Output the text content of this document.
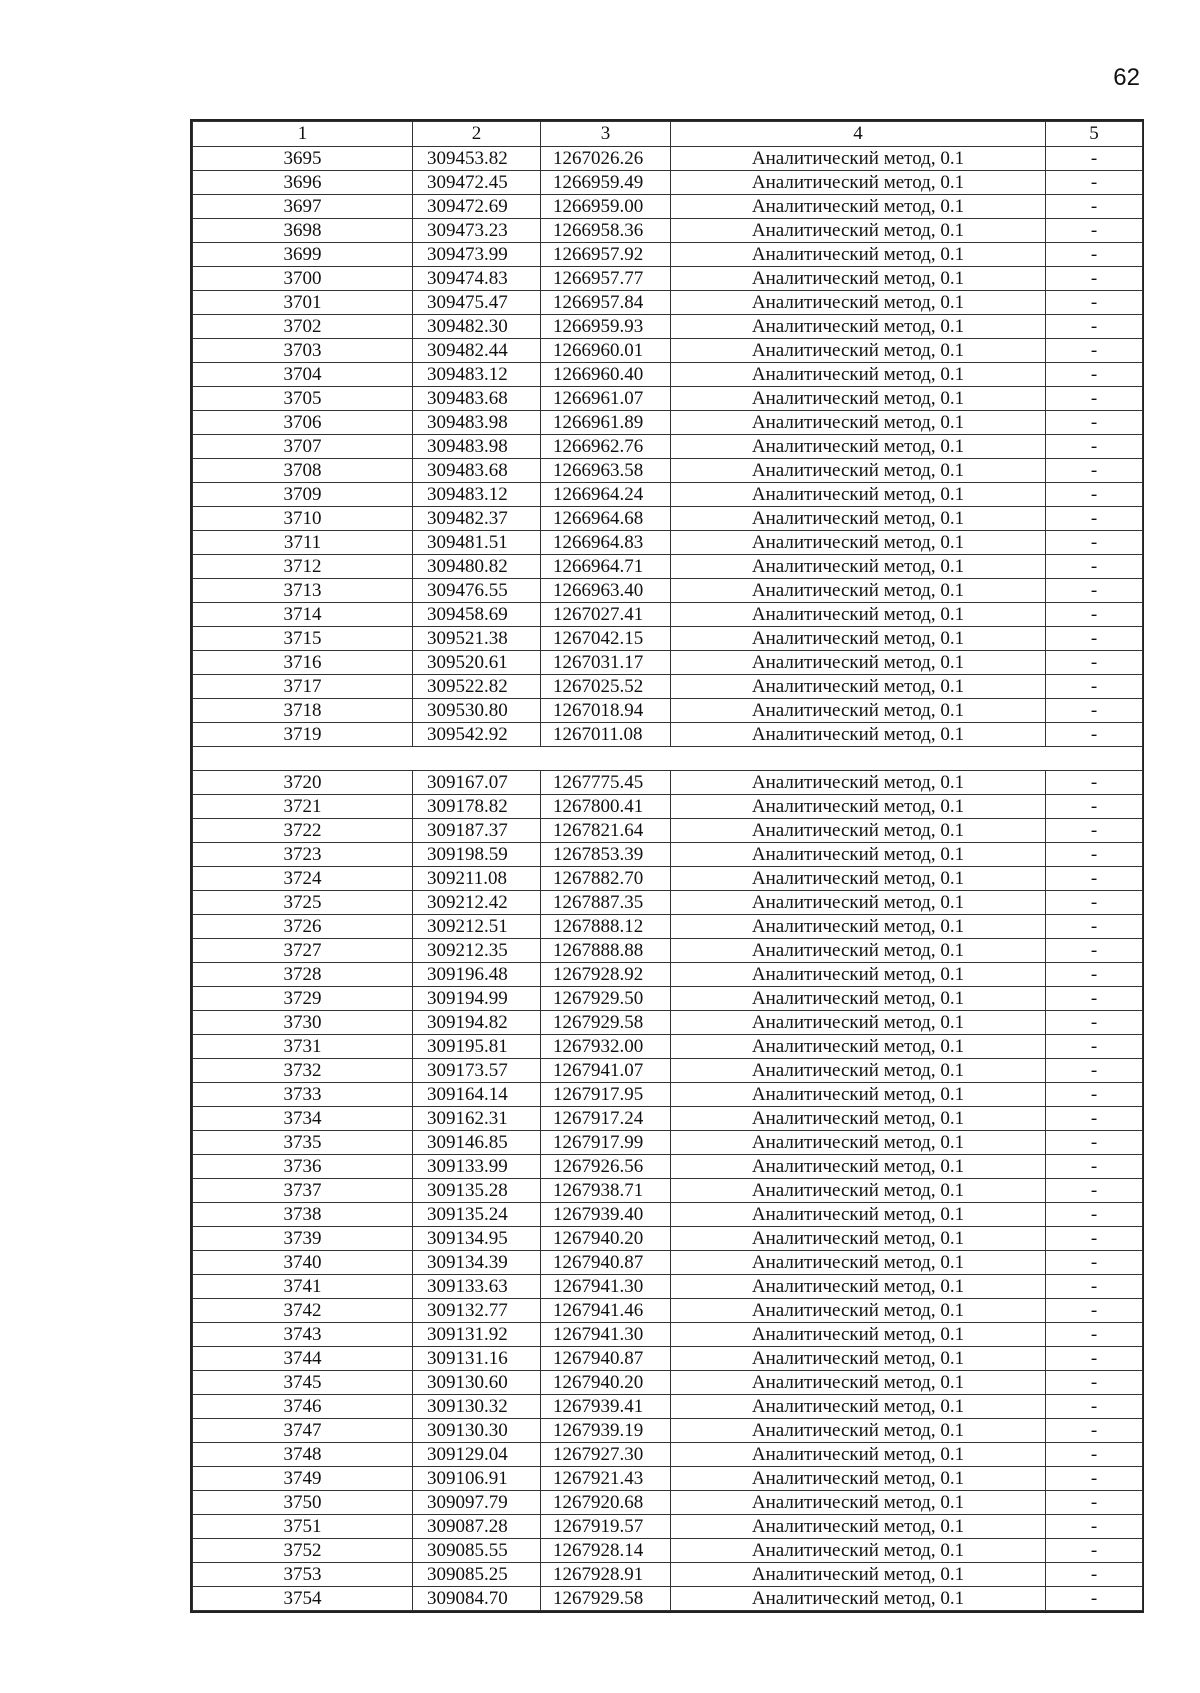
62
1	2	3	4	5
3695	309453.82	1267026.26	Аналитический метод, 0.1	-
3696	309472.45	1266959.49	Аналитический метод, 0.1	-
3697	309472.69	1266959.00	Аналитический метод, 0.1	-
3698	309473.23	1266958.36	Аналитический метод, 0.1	-
3699	309473.99	1266957.92	Аналитический метод, 0.1	-
3700	309474.83	1266957.77	Аналитический метод, 0.1	-
3701	309475.47	1266957.84	Аналитический метод, 0.1	-
3702	309482.30	1266959.93	Аналитический метод, 0.1	-
3703	309482.44	1266960.01	Аналитический метод, 0.1	-
3704	309483.12	1266960.40	Аналитический метод, 0.1	-
3705	309483.68	1266961.07	Аналитический метод, 0.1	-
3706	309483.98	1266961.89	Аналитический метод, 0.1	-
3707	309483.98	1266962.76	Аналитический метод, 0.1	-
3708	309483.68	1266963.58	Аналитический метод, 0.1	-
3709	309483.12	1266964.24	Аналитический метод, 0.1	-
3710	309482.37	1266964.68	Аналитический метод, 0.1	-
3711	309481.51	1266964.83	Аналитический метод, 0.1	-
3712	309480.82	1266964.71	Аналитический метод, 0.1	-
3713	309476.55	1266963.40	Аналитический метод, 0.1	-
3714	309458.69	1267027.41	Аналитический метод, 0.1	-
3715	309521.38	1267042.15	Аналитический метод, 0.1	-
3716	309520.61	1267031.17	Аналитический метод, 0.1	-
3717	309522.82	1267025.52	Аналитический метод, 0.1	-
3718	309530.80	1267018.94	Аналитический метод, 0.1	-
3719	309542.92	1267011.08	Аналитический метод, 0.1	-

3720	309167.07	1267775.45	Аналитический метод, 0.1	-
3721	309178.82	1267800.41	Аналитический метод, 0.1	-
3722	309187.37	1267821.64	Аналитический метод, 0.1	-
3723	309198.59	1267853.39	Аналитический метод, 0.1	-
3724	309211.08	1267882.70	Аналитический метод, 0.1	-
3725	309212.42	1267887.35	Аналитический метод, 0.1	-
3726	309212.51	1267888.12	Аналитический метод, 0.1	-
3727	309212.35	1267888.88	Аналитический метод, 0.1	-
3728	309196.48	1267928.92	Аналитический метод, 0.1	-
3729	309194.99	1267929.50	Аналитический метод, 0.1	-
3730	309194.82	1267929.58	Аналитический метод, 0.1	-
3731	309195.81	1267932.00	Аналитический метод, 0.1	-
3732	309173.57	1267941.07	Аналитический метод, 0.1	-
3733	309164.14	1267917.95	Аналитический метод, 0.1	-
3734	309162.31	1267917.24	Аналитический метод, 0.1	-
3735	309146.85	1267917.99	Аналитический метод, 0.1	-
3736	309133.99	1267926.56	Аналитический метод, 0.1	-
3737	309135.28	1267938.71	Аналитический метод, 0.1	-
3738	309135.24	1267939.40	Аналитический метод, 0.1	-
3739	309134.95	1267940.20	Аналитический метод, 0.1	-
3740	309134.39	1267940.87	Аналитический метод, 0.1	-
3741	309133.63	1267941.30	Аналитический метод, 0.1	-
3742	309132.77	1267941.46	Аналитический метод, 0.1	-
3743	309131.92	1267941.30	Аналитический метод, 0.1	-
3744	309131.16	1267940.87	Аналитический метод, 0.1	-
3745	309130.60	1267940.20	Аналитический метод, 0.1	-
3746	309130.32	1267939.41	Аналитический метод, 0.1	-
3747	309130.30	1267939.19	Аналитический метод, 0.1	-
3748	309129.04	1267927.30	Аналитический метод, 0.1	-
3749	309106.91	1267921.43	Аналитический метод, 0.1	-
3750	309097.79	1267920.68	Аналитический метод, 0.1	-
3751	309087.28	1267919.57	Аналитический метод, 0.1	-
3752	309085.55	1267928.14	Аналитический метод, 0.1	-
3753	309085.25	1267928.91	Аналитический метод, 0.1	-
3754	309084.70	1267929.58	Аналитический метод, 0.1	-
